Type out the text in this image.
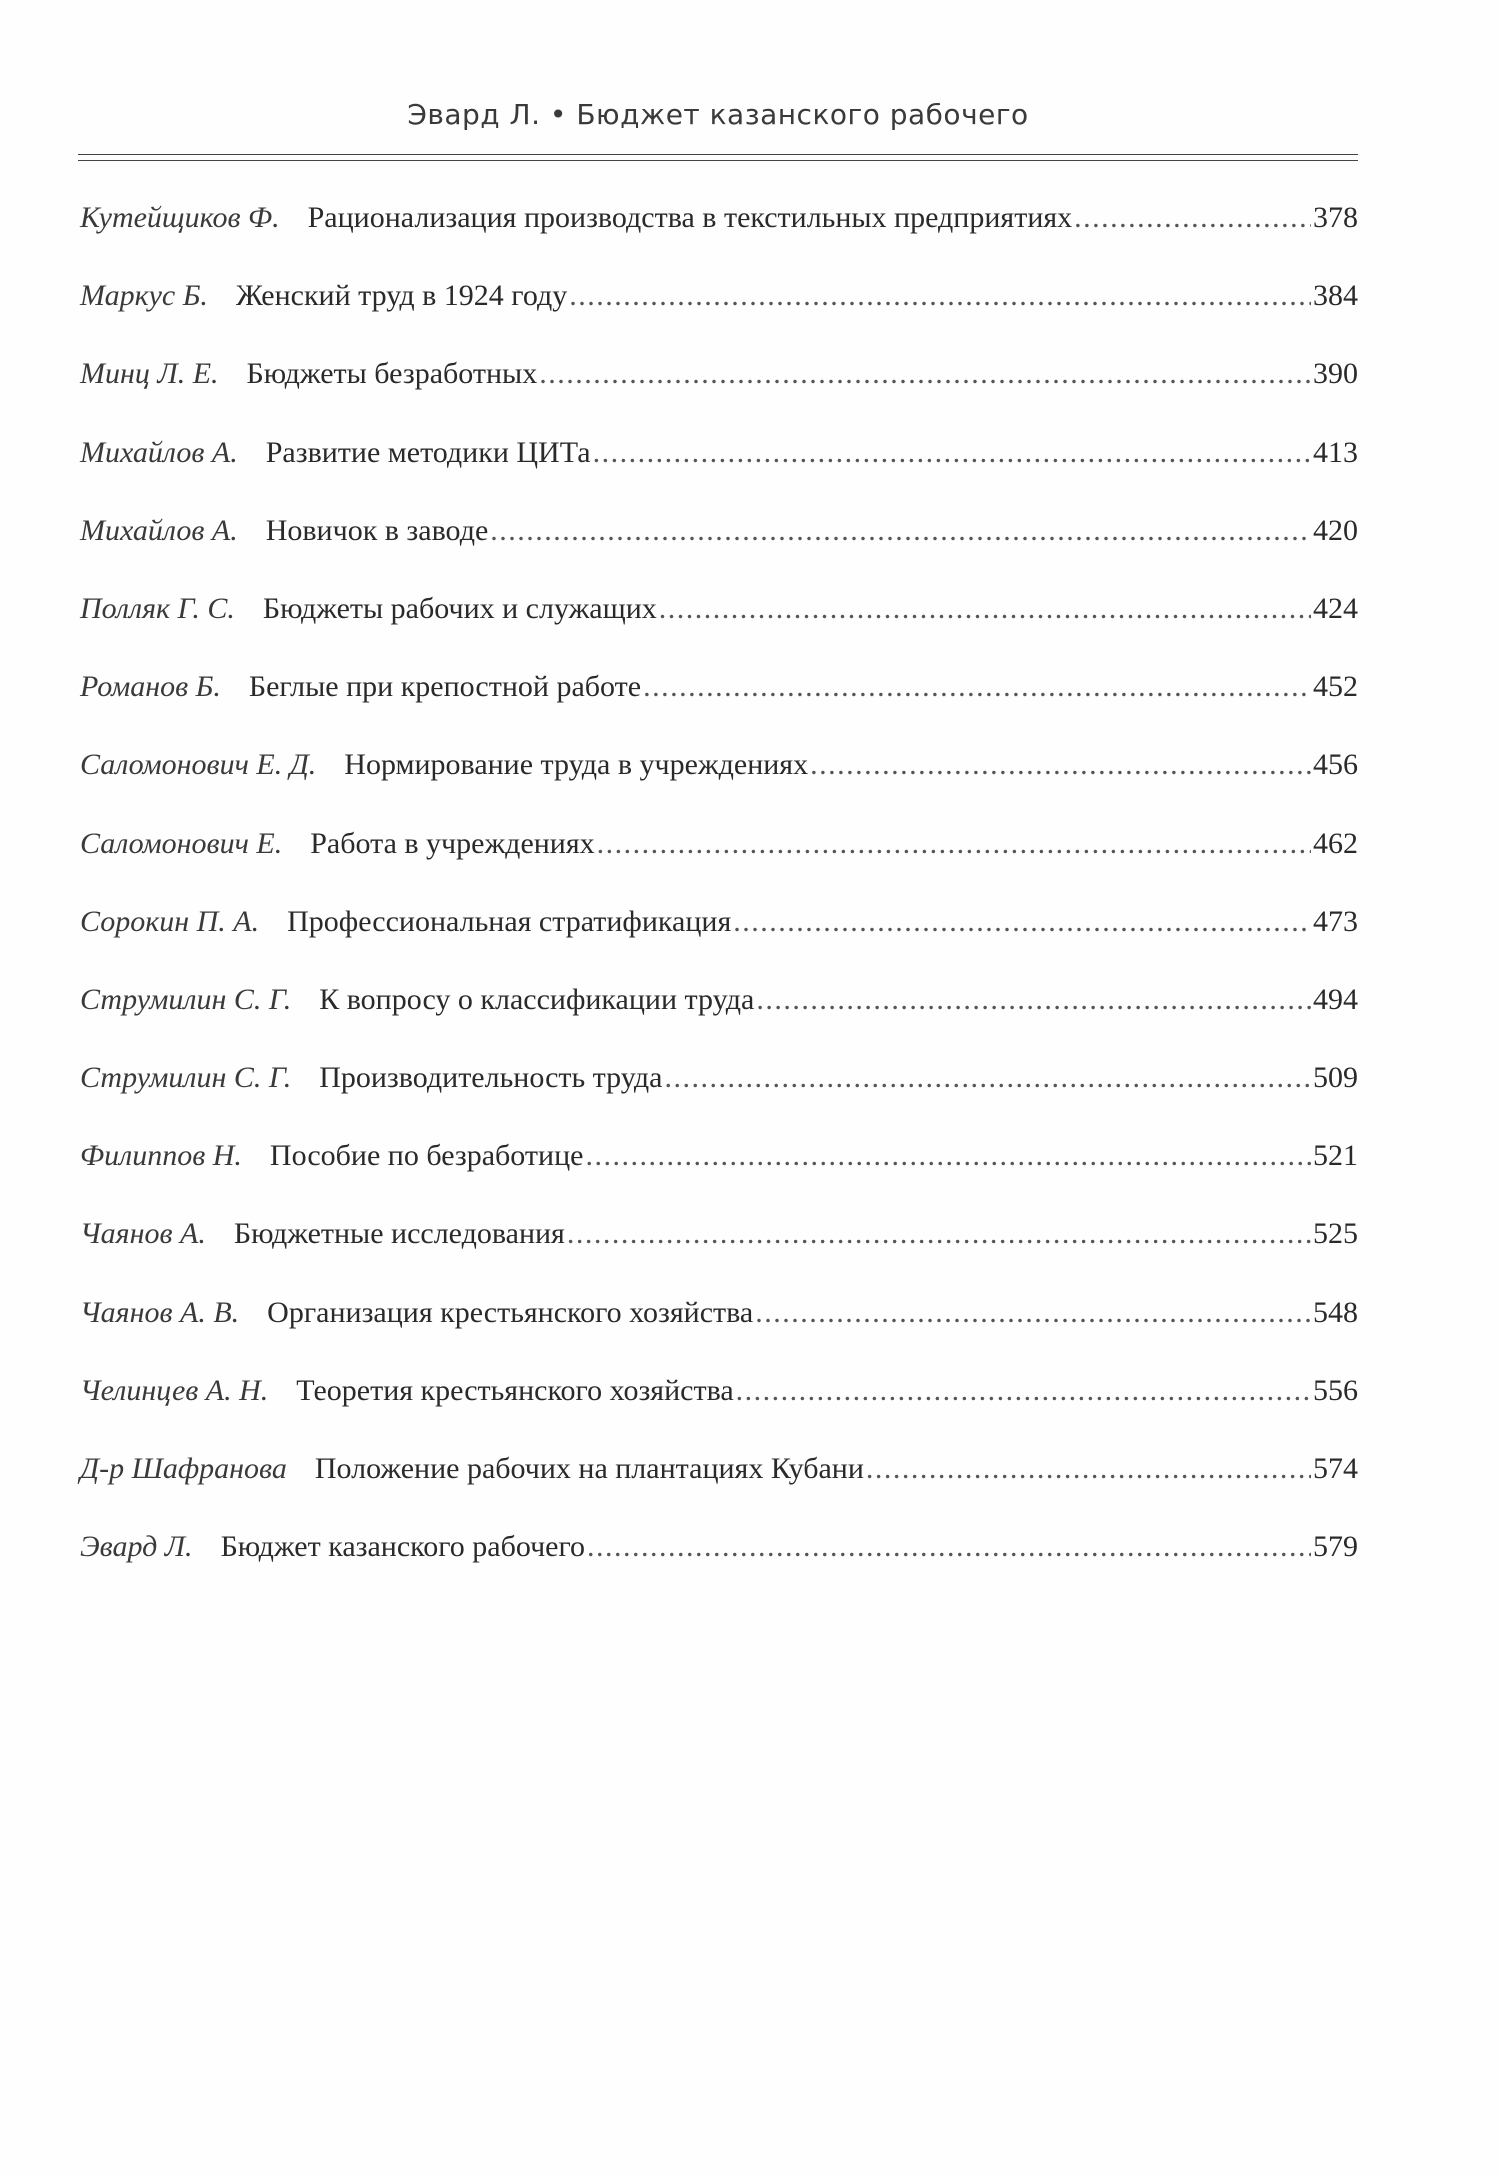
Эвард Л. • Бюджет казанского рабочего
Кутейщиков Ф. Рационализация производства в текстильных предприятиях . . .	378
Маркус Б. Женский труд в 1924 году . . .	384
Минц Л. Е. Бюджеты безработных . . .	390
Михайлов А. Развитие методики ЦИТа . . .	413
Михайлов А. Новичок в заводе . . .	420
Полляк Г. С. Бюджеты рабочих и служащих . . .	424
Романов Б. Беглые при крепостной работе . . .	452
Саломонович Е. Д. Нормирование труда в учреждениях . . .	456
Саломонович Е. Работа в учреждениях . . .	462
Сорокин П. А. Профессиональная стратификация . . .	473
Струмилин С. Г. К вопросу о классификации труда . . .	494
Струмилин С. Г. Производительность труда . . .	509
Филиппов Н. Пособие по безработице . . .	521
Чаянов А. Бюджетные исследования . . .	525
Чаянов А. В. Организация крестьянского хозяйства . . .	548
Челинцев А. Н. Теоретия крестьянского хозяйства . . .	556
Д-р Шафранова Положение рабочих на плантациях Кубани . . .	574
Эвард Л. Бюджет казанского рабочего . . .	579
